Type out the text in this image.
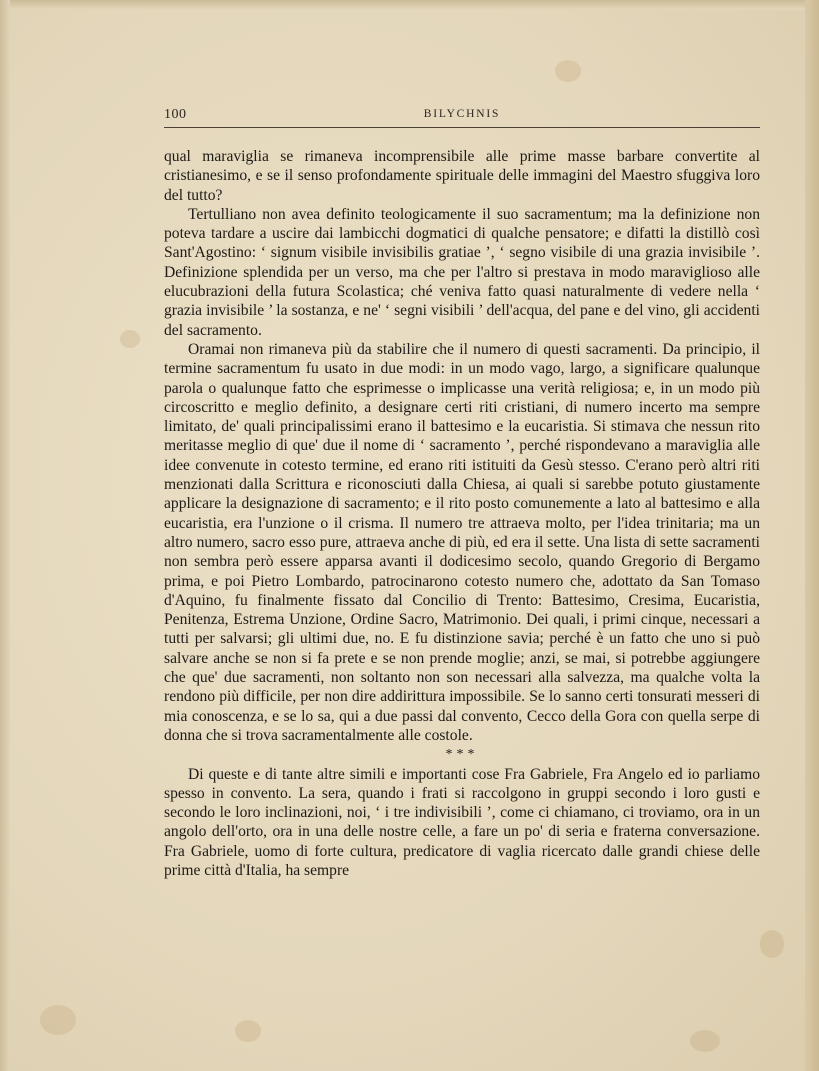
100	BILYCHNIS

qual maraviglia se rimaneva incomprensibile alle prime masse barbare convertite al cristianesimo, e se il senso profondamente spirituale delle immagini del Maestro sfuggiva loro del tutto?

Tertulliano non avea definito teologicamente il suo sacramentum; ma la definizione non poteva tardare a uscire dai lambicchi dogmatici di qualche pensatore; e difatti la distillò così Sant'Agostino: ‘ signum visibile invisibilis gratiae ’, ‘ segno visibile di una grazia invisibile ’. Definizione splendida per un verso, ma che per l'altro si prestava in modo maraviglioso alle elucubrazioni della futura Scolastica; ché veniva fatto quasi naturalmente di vedere nella ‘ grazia invisibile ’ la sostanza, e ne' ‘ segni visibili ’ dell'acqua, del pane e del vino, gli accidenti del sacramento.

Oramai non rimaneva più da stabilire che il numero di questi sacramenti. Da principio, il termine sacramentum fu usato in due modi: in un modo vago, largo, a significare qualunque parola o qualunque fatto che esprimesse o implicasse una verità religiosa; e, in un modo più circoscritto e meglio definito, a designare certi riti cristiani, di numero incerto ma sempre limitato, de' quali principalissimi erano il battesimo e la eucaristia. Si stimava che nessun rito meritasse meglio di que' due il nome di ‘ sacramento ’, perché rispondevano a maraviglia alle idee convenute in cotesto termine, ed erano riti istituiti da Gesù stesso. C'erano però altri riti menzionati dalla Scrittura e riconosciuti dalla Chiesa, ai quali si sarebbe potuto giustamente applicare la designazione di sacramento; e il rito posto comunemente a lato al battesimo e alla eucaristia, era l'unzione o il crisma. Il numero tre attraeva molto, per l'idea trinitaria; ma un altro numero, sacro esso pure, attraeva anche di più, ed era il sette. Una lista di sette sacramenti non sembra però essere apparsa avanti il dodicesimo secolo, quando Gregorio di Bergamo prima, e poi Pietro Lombardo, patrocinarono cotesto numero che, adottato da San Tomaso d'Aquino, fu finalmente fissato dal Concilio di Trento: Battesimo, Cresima, Eucaristia, Penitenza, Estrema Unzione, Ordine Sacro, Matrimonio. Dei quali, i primi cinque, necessari a tutti per salvarsi; gli ultimi due, no. E fu distinzione savia; perché è un fatto che uno si può salvare anche se non si fa prete e se non prende moglie; anzi, se mai, si potrebbe aggiungere che que' due sacramenti, non soltanto non son necessari alla salvezza, ma qualche volta la rendono più difficile, per non dire addirittura impossibile. Se lo sanno certi tonsurati messeri di mia conoscenza, e se lo sa, qui a due passi dal convento, Cecco della Gora con quella serpe di donna che si trova sacramentalmente alle costole.

***

Di queste e di tante altre simili e importanti cose Fra Gabriele, Fra Angelo ed io parliamo spesso in convento. La sera, quando i frati si raccolgono in gruppi secondo i loro gusti e secondo le loro inclinazioni, noi, ‘ i tre indivisibili ’, come ci chiamano, ci troviamo, ora in un angolo dell'orto, ora in una delle nostre celle, a fare un po' di seria e fraterna conversazione. Fra Gabriele, uomo di forte cultura, predicatore di vaglia ricercato dalle grandi chiese delle prime città d'Italia, ha sempre
